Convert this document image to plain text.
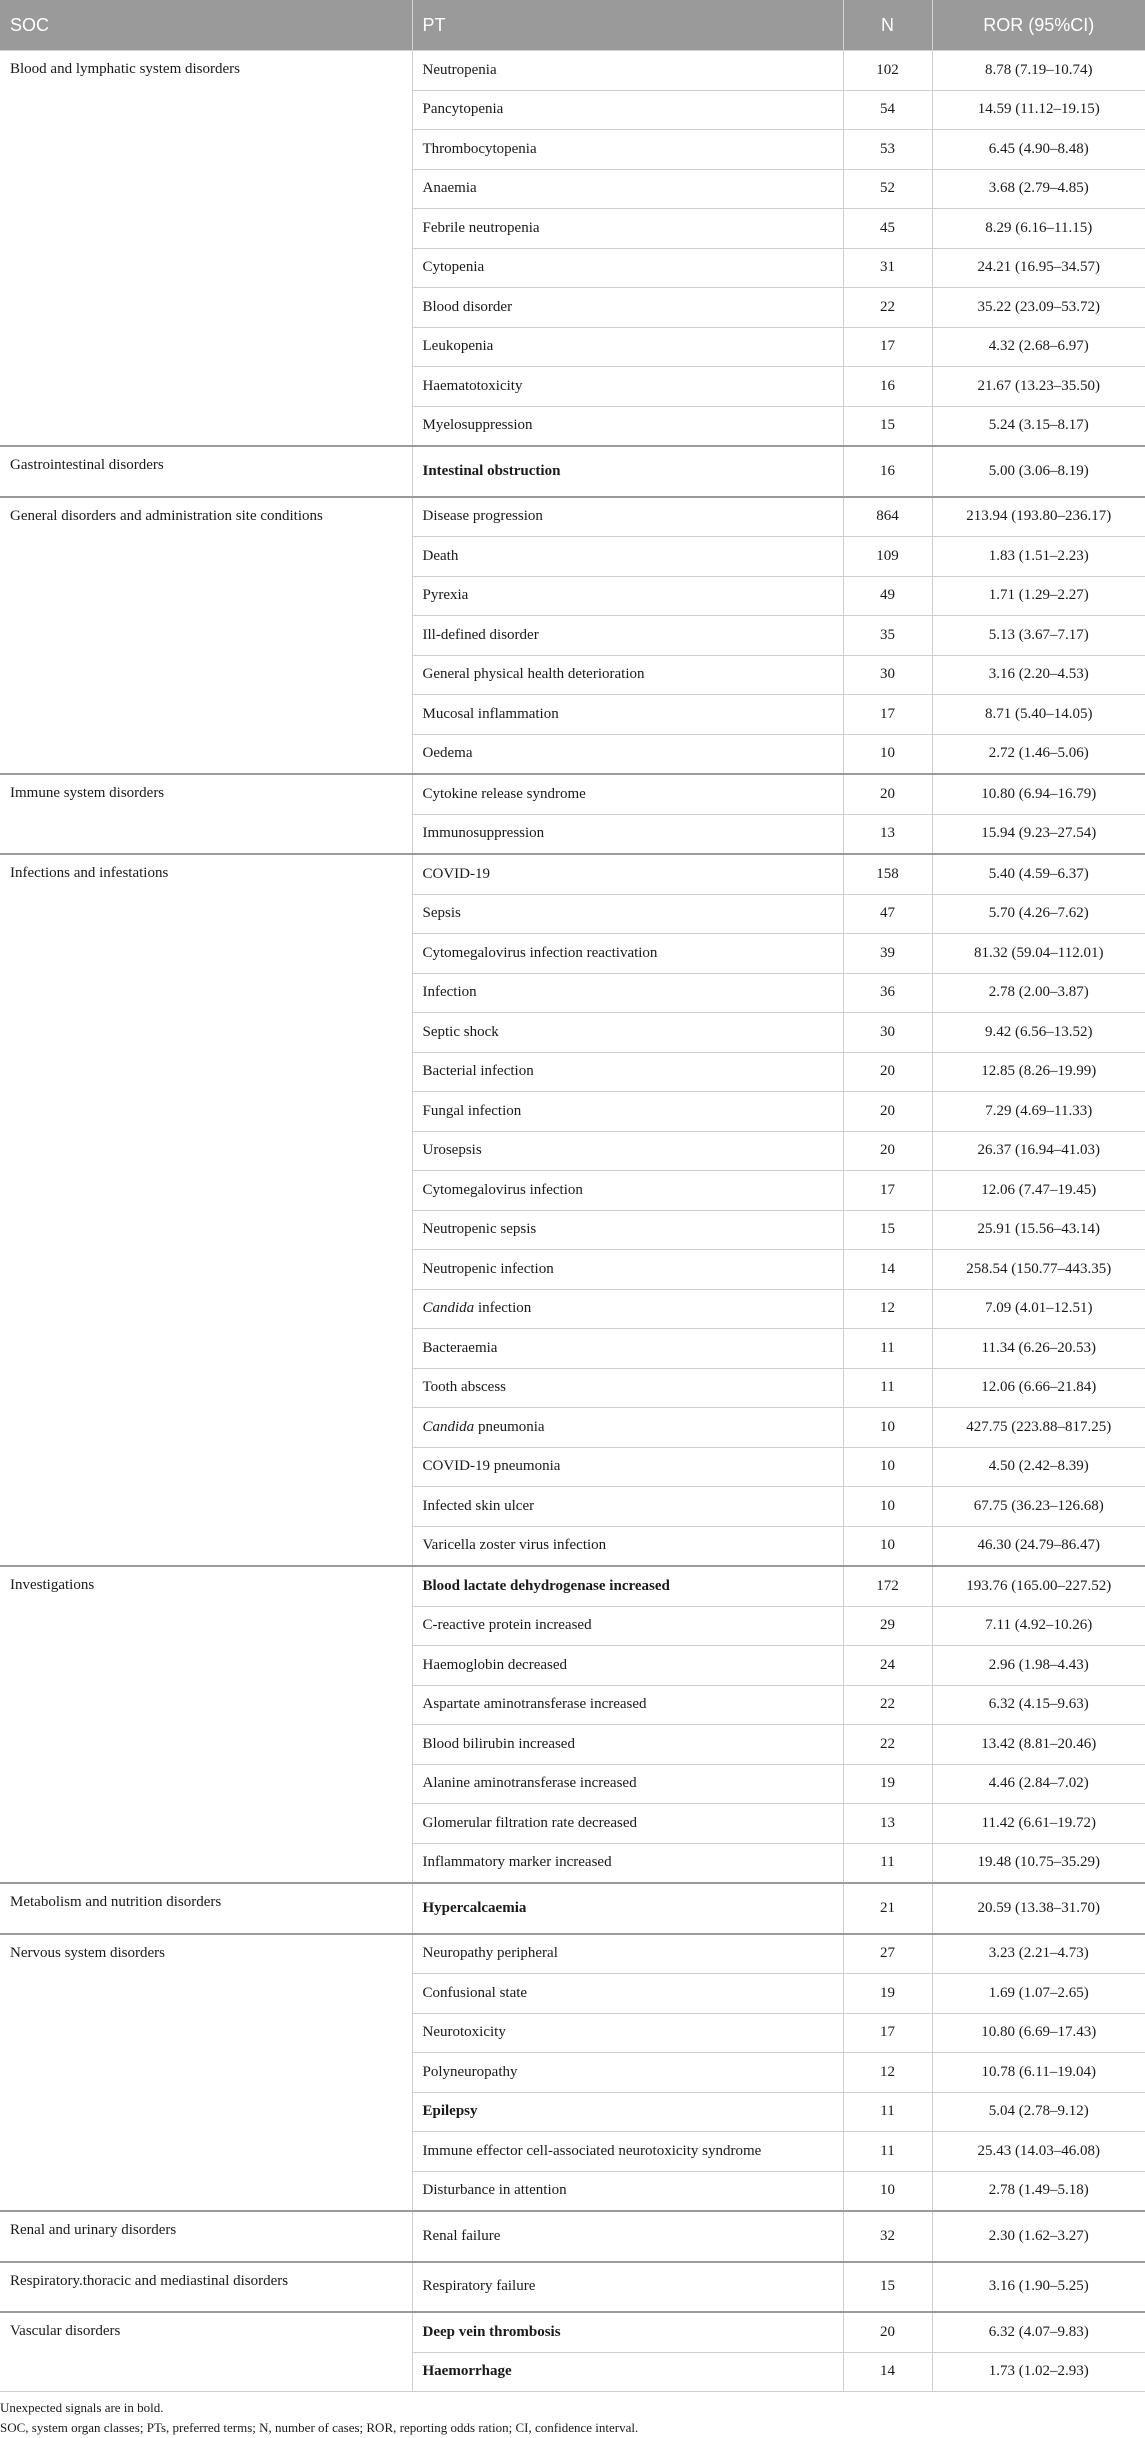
SOC	PT	N	ROR (95%CI)
Blood and lymphatic system disorders	Neutropenia	102	8.78 (7.19–10.74)
	Pancytopenia	54	14.59 (11.12–19.15)
	Thrombocytopenia	53	6.45 (4.90–8.48)
	Anaemia	52	3.68 (2.79–4.85)
	Febrile neutropenia	45	8.29 (6.16–11.15)
	Cytopenia	31	24.21 (16.95–34.57)
	Blood disorder	22	35.22 (23.09–53.72)
	Leukopenia	17	4.32 (2.68–6.97)
	Haematotoxicity	16	21.67 (13.23–35.50)
	Myelosuppression	15	5.24 (3.15–8.17)
Gastrointestinal disorders	Intestinal obstruction	16	5.00 (3.06–8.19)
General disorders and administration site conditions	Disease progression	864	213.94 (193.80–236.17)
	Death	109	1.83 (1.51–2.23)
	Pyrexia	49	1.71 (1.29–2.27)
	Ill-defined disorder	35	5.13 (3.67–7.17)
	General physical health deterioration	30	3.16 (2.20–4.53)
	Mucosal inflammation	17	8.71 (5.40–14.05)
	Oedema	10	2.72 (1.46–5.06)
Immune system disorders	Cytokine release syndrome	20	10.80 (6.94–16.79)
	Immunosuppression	13	15.94 (9.23–27.54)
Infections and infestations	COVID-19	158	5.40 (4.59–6.37)
	Sepsis	47	5.70 (4.26–7.62)
	Cytomegalovirus infection reactivation	39	81.32 (59.04–112.01)
	Infection	36	2.78 (2.00–3.87)
	Septic shock	30	9.42 (6.56–13.52)
	Bacterial infection	20	12.85 (8.26–19.99)
	Fungal infection	20	7.29 (4.69–11.33)
	Urosepsis	20	26.37 (16.94–41.03)
	Cytomegalovirus infection	17	12.06 (7.47–19.45)
	Neutropenic sepsis	15	25.91 (15.56–43.14)
	Neutropenic infection	14	258.54 (150.77–443.35)
	Candida infection	12	7.09 (4.01–12.51)
	Bacteraemia	11	11.34 (6.26–20.53)
	Tooth abscess	11	12.06 (6.66–21.84)
	Candida pneumonia	10	427.75 (223.88–817.25)
	COVID-19 pneumonia	10	4.50 (2.42–8.39)
	Infected skin ulcer	10	67.75 (36.23–126.68)
	Varicella zoster virus infection	10	46.30 (24.79–86.47)
Investigations	Blood lactate dehydrogenase increased	172	193.76 (165.00–227.52)
	C-reactive protein increased	29	7.11 (4.92–10.26)
	Haemoglobin decreased	24	2.96 (1.98–4.43)
	Aspartate aminotransferase increased	22	6.32 (4.15–9.63)
	Blood bilirubin increased	22	13.42 (8.81–20.46)
	Alanine aminotransferase increased	19	4.46 (2.84–7.02)
	Glomerular filtration rate decreased	13	11.42 (6.61–19.72)
	Inflammatory marker increased	11	19.48 (10.75–35.29)
Metabolism and nutrition disorders	Hypercalcaemia	21	20.59 (13.38–31.70)
Nervous system disorders	Neuropathy peripheral	27	3.23 (2.21–4.73)
	Confusional state	19	1.69 (1.07–2.65)
	Neurotoxicity	17	10.80 (6.69–17.43)
	Polyneuropathy	12	10.78 (6.11–19.04)
	Epilepsy	11	5.04 (2.78–9.12)
	Immune effector cell-associated neurotoxicity syndrome	11	25.43 (14.03–46.08)
	Disturbance in attention	10	2.78 (1.49–5.18)
Renal and urinary disorders	Renal failure	32	2.30 (1.62–3.27)
Respiratory.thoracic and mediastinal disorders	Respiratory failure	15	3.16 (1.90–5.25)
Vascular disorders	Deep vein thrombosis	20	6.32 (4.07–9.83)
	Haemorrhage	14	1.73 (1.02–2.93)
Unexpected signals are in bold.
SOC, system organ classes; PTs, preferred terms; N, number of cases; ROR, reporting odds ration; CI, confidence interval.
